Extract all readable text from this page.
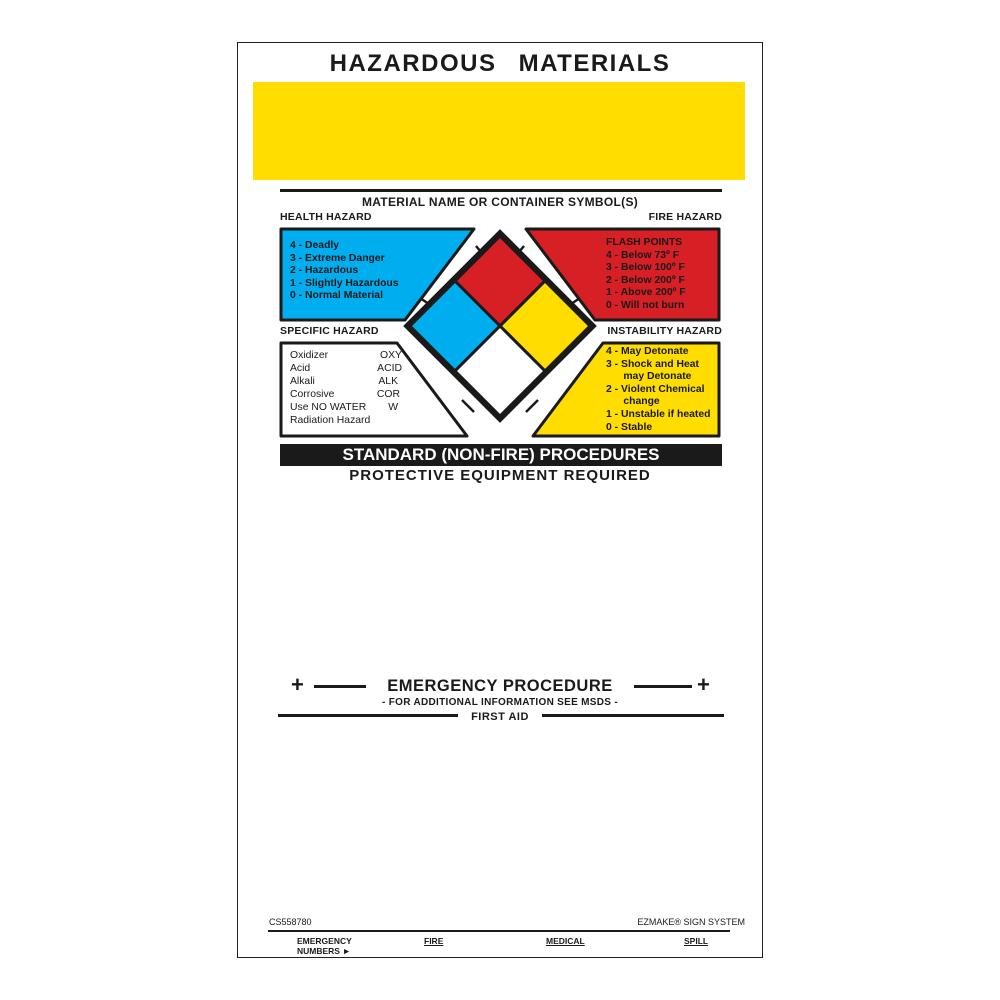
HAZARDOUS MATERIALS
MATERIAL NAME OR CONTAINER SYMBOL(S)
HEALTH HAZARD	FIRE HAZARD
SPECIFIC HAZARD	INSTABILITY HAZARD
4 - Deadly
3 - Extreme Danger
2 - Hazardous
1 - Slightly Hazardous
0 - Normal Material
FLASH POINTS
4 - Below 73º F
3 - Below 100º F
2 - Below 200º F
1 - Above 200º F
0 - Will not burn
Oxidizer	OXY
Acid	ACID
Alkali	ALK
Corrosive	COR
Use NO WATER W
Radiation Hazard
4 - May Detonate
3 - Shock and Heat
may Detonate
2 - Violent Chemical
change
1 - Unstable if heated
0 - Stable
STANDARD (NON-FIRE) PROCEDURES
PROTECTIVE EQUIPMENT REQUIRED
+	+
EMERGENCY PROCEDURE
- FOR ADDITIONAL INFORMATION SEE MSDS -
FIRST AID
CS558780	EZMAKE® SIGN SYSTEM
EMERGENCY
NUMBERS ►
FIRE	MEDICAL	SPILL
